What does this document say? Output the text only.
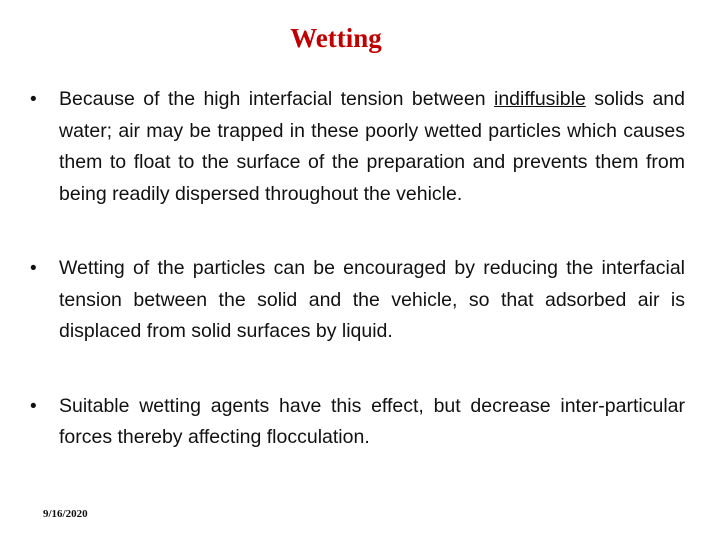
Wetting
• Because of the high interfacial tension between indiffusible solids and water; air may be trapped in these poorly wetted particles which causes them to float to the surface of the preparation and prevents them from being readily dispersed throughout the vehicle.
• Wetting of the particles can be encouraged by reducing the interfacial tension between the solid and the vehicle, so that adsorbed air is displaced from solid surfaces by liquid.
• Suitable wetting agents have this effect, but decrease inter-particular forces thereby affecting flocculation.
9/16/2020
